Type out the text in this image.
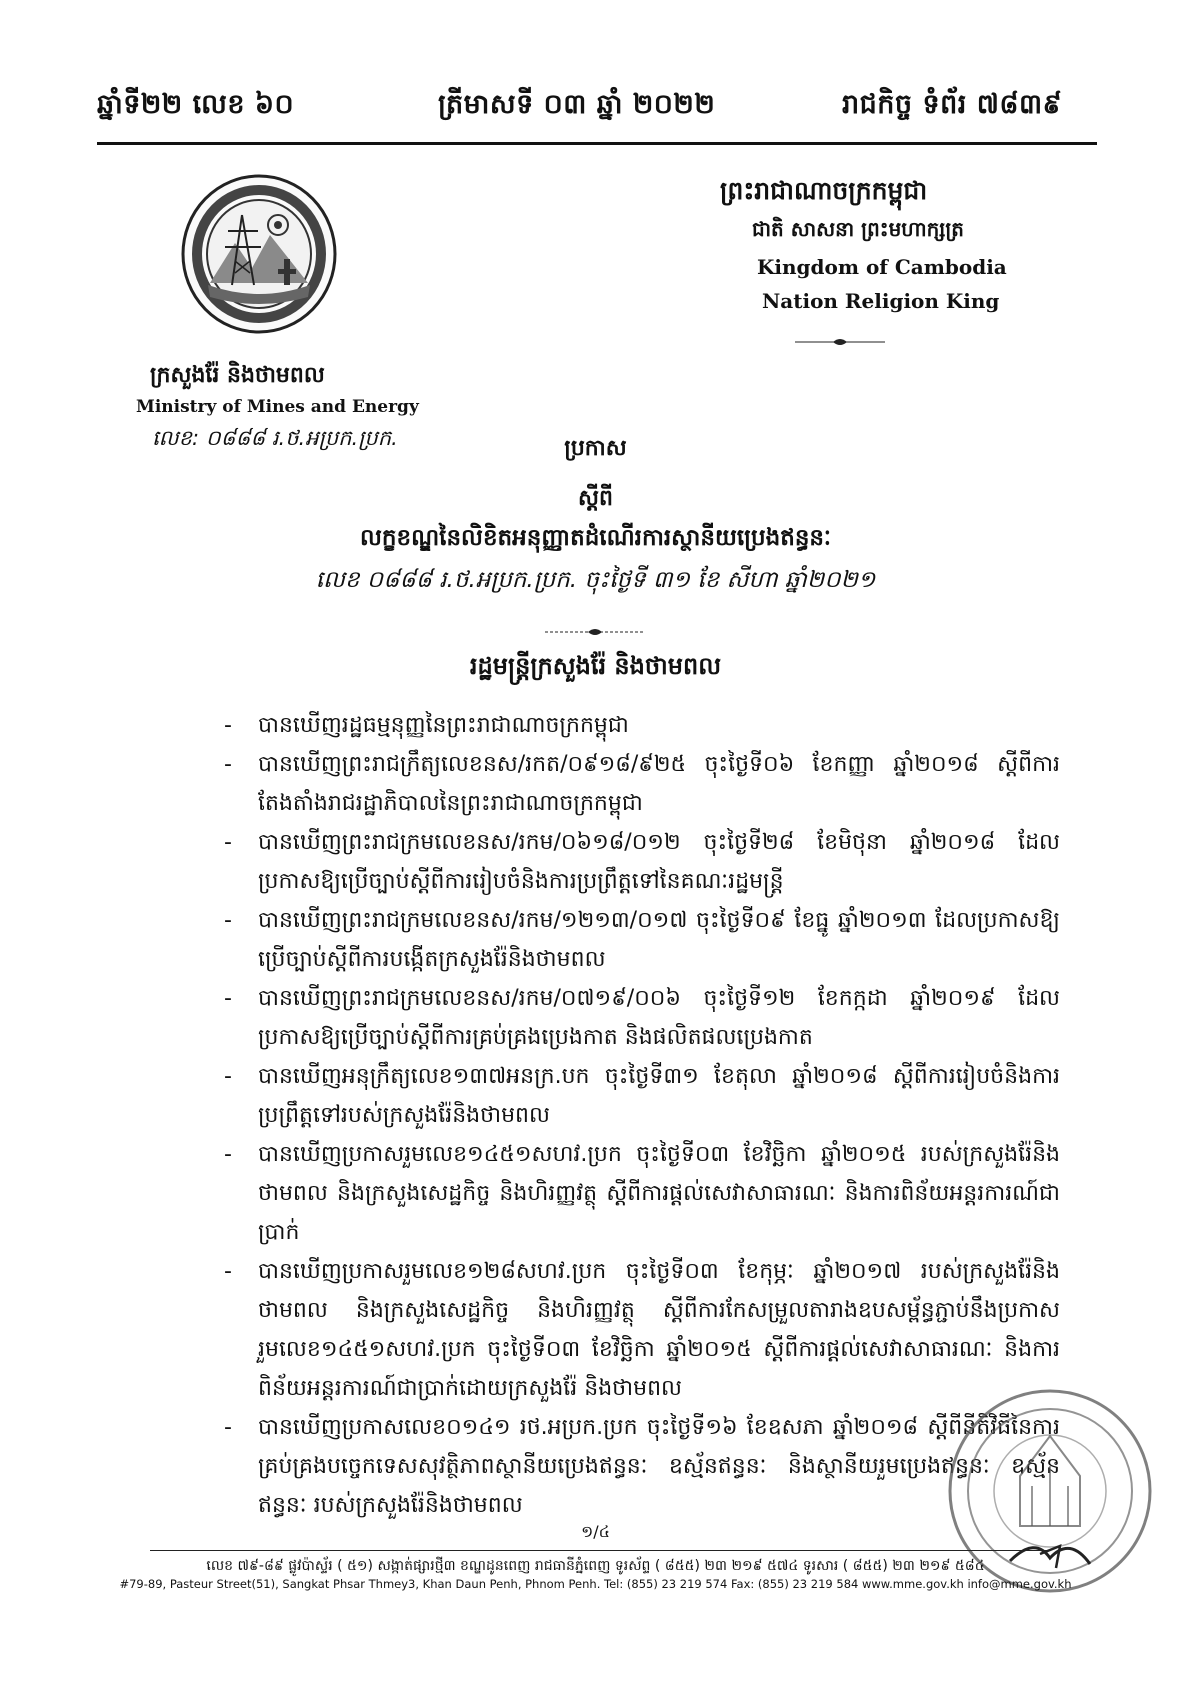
ឆ្នាំទី២២ លេខ ៦០	ត្រីមាសទី ០៣ ឆ្នាំ ២០២២	រាជកិច្ច ទំព័រ ៧៨៣៩
ព្រះរាជាណាចក្រកម្ពុជា
ជាតិ សាសនា ព្រះមហាក្សត្រ
Kingdom of Cambodia
Nation Religion King
ក្រសួងរ៉ែ និងថាមពល
Ministry of Mines and Energy
លេខ: ០៨៨៨ រ.ថ.អប្រក.ប្រក.	ប្រកាស
ស្តីពី
លក្ខខណ្ឌនៃលិខិតអនុញ្ញាតដំណើរការស្ថានីយប្រេងឥន្ធនៈ
លេខ ០៨៨៨ រ.ថ.អប្រក.ប្រក. ចុះថ្ងៃទី ៣១ ខែ សីហា ឆ្នាំ២០២១
រដ្ឋមន្ត្រីក្រសួងរ៉ែ និងថាមពល
- បានឃើញរដ្ឋធម្មនុញ្ញនៃព្រះរាជាណាចក្រកម្ពុជា
- បានឃើញព្រះរាជក្រឹត្យលេខនស/រកត/០៩១៨/៩២៥ ចុះថ្ងៃទី០៦ ខែកញ្ញា ឆ្នាំ២០១៨ ស្តីពីការតែងតាំងរាជរដ្ឋាភិបាលនៃព្រះរាជាណាចក្រកម្ពុជា
- បានឃើញព្រះរាជក្រមលេខនស/រកម/០៦១៨/០១២ ចុះថ្ងៃទី២៨ ខែមិថុនា ឆ្នាំ២០១៨ ដែលប្រកាសឱ្យប្រើច្បាប់ស្តីពីការរៀបចំនិងការប្រព្រឹត្តទៅនៃគណៈរដ្ឋមន្ត្រី
- បានឃើញព្រះរាជក្រមលេខនស/រកម/១២១៣/០១៧ ចុះថ្ងៃទី០៩ ខែធ្នូ ឆ្នាំ២០១៣ ដែលប្រកាសឱ្យប្រើច្បាប់ស្តីពីការបង្កើតក្រសួងរ៉ែនិងថាមពល
- បានឃើញព្រះរាជក្រមលេខនស/រកម/០៧១៩/០០៦ ចុះថ្ងៃទី១២ ខែកក្កដា ឆ្នាំ២០១៩ ដែលប្រកាសឱ្យប្រើច្បាប់ស្តីពីការគ្រប់គ្រងប្រេងកាត និងផលិតផលប្រេងកាត
- បានឃើញអនុក្រឹត្យលេខ១៣៧អនក្រ.បក ចុះថ្ងៃទី៣១ ខែតុលា ឆ្នាំ២០១៨ ស្តីពីការរៀបចំនិងការប្រព្រឹត្តទៅរបស់ក្រសួងរ៉ែនិងថាមពល
- បានឃើញប្រកាសរួមលេខ១៤៥១សហវ.ប្រក ចុះថ្ងៃទី០៣ ខែវិច្ឆិកា ឆ្នាំ២០១៥ របស់ក្រសួងរ៉ែនិងថាមពល និងក្រសួងសេដ្ឋកិច្ច និងហិរញ្ញវត្ថុ ស្តីពីការផ្តល់សេវាសាធារណៈ និងការពិន័យអន្តរការណ៍ជាប្រាក់
- បានឃើញប្រកាសរួមលេខ១២៨សហវ.ប្រក ចុះថ្ងៃទី០៣ ខែកុម្ភៈ ឆ្នាំ២០១៧ របស់ក្រសួងរ៉ែនិងថាមពល និងក្រសួងសេដ្ឋកិច្ច និងហិរញ្ញវត្ថុ ស្តីពីការកែសម្រួលតារាងឧបសម្ព័ន្ធភ្ជាប់នឹងប្រកាសរួមលេខ១៤៥១សហវ.ប្រក ចុះថ្ងៃទី០៣ ខែវិច្ឆិកា ឆ្នាំ២០១៥ ស្តីពីការផ្តល់សេវាសាធារណៈ និងការពិន័យអន្តរការណ៍ជាប្រាក់ដោយក្រសួងរ៉ែ និងថាមពល
- បានឃើញប្រកាសលេខ០១៤១ រថ.អប្រក.ប្រក ចុះថ្ងៃទី១៦ ខែឧសភា ឆ្នាំ២០១៨ ស្តីពីនីតិវិធីនៃការគ្រប់គ្រងបច្ចេកទេសសុវត្ថិភាពស្ថានីយប្រេងឥន្ធនៈ ឧស្ម័នឥន្ធនៈ និងស្ថានីយរួមប្រេងឥន្ធនៈ ឧស្ម័នឥន្ធនៈ របស់ក្រសួងរ៉ែនិងថាមពល
១/៤
លេខ ៧៩-៨៩ ផ្លូវប៉ាស្ទ័រ ( ៥១) សង្កាត់ផ្សារថ្មី៣ ខណ្ឌដូនពេញ រាជធានីភ្នំពេញ ទូរស័ព្ទ ( ៨៥៥) ២៣ ២១៩ ៥៧៤ ទូរសារ ( ៨៥៥) ២៣ ២១៩ ៥៨៤
#79-89, Pasteur Street(51), Sangkat Phsar Thmey3, Khan Daun Penh, Phnom Penh. Tel: (855) 23 219 574 Fax: (855) 23 219 584 www.mme.gov.kh info@mme.gov.kh
